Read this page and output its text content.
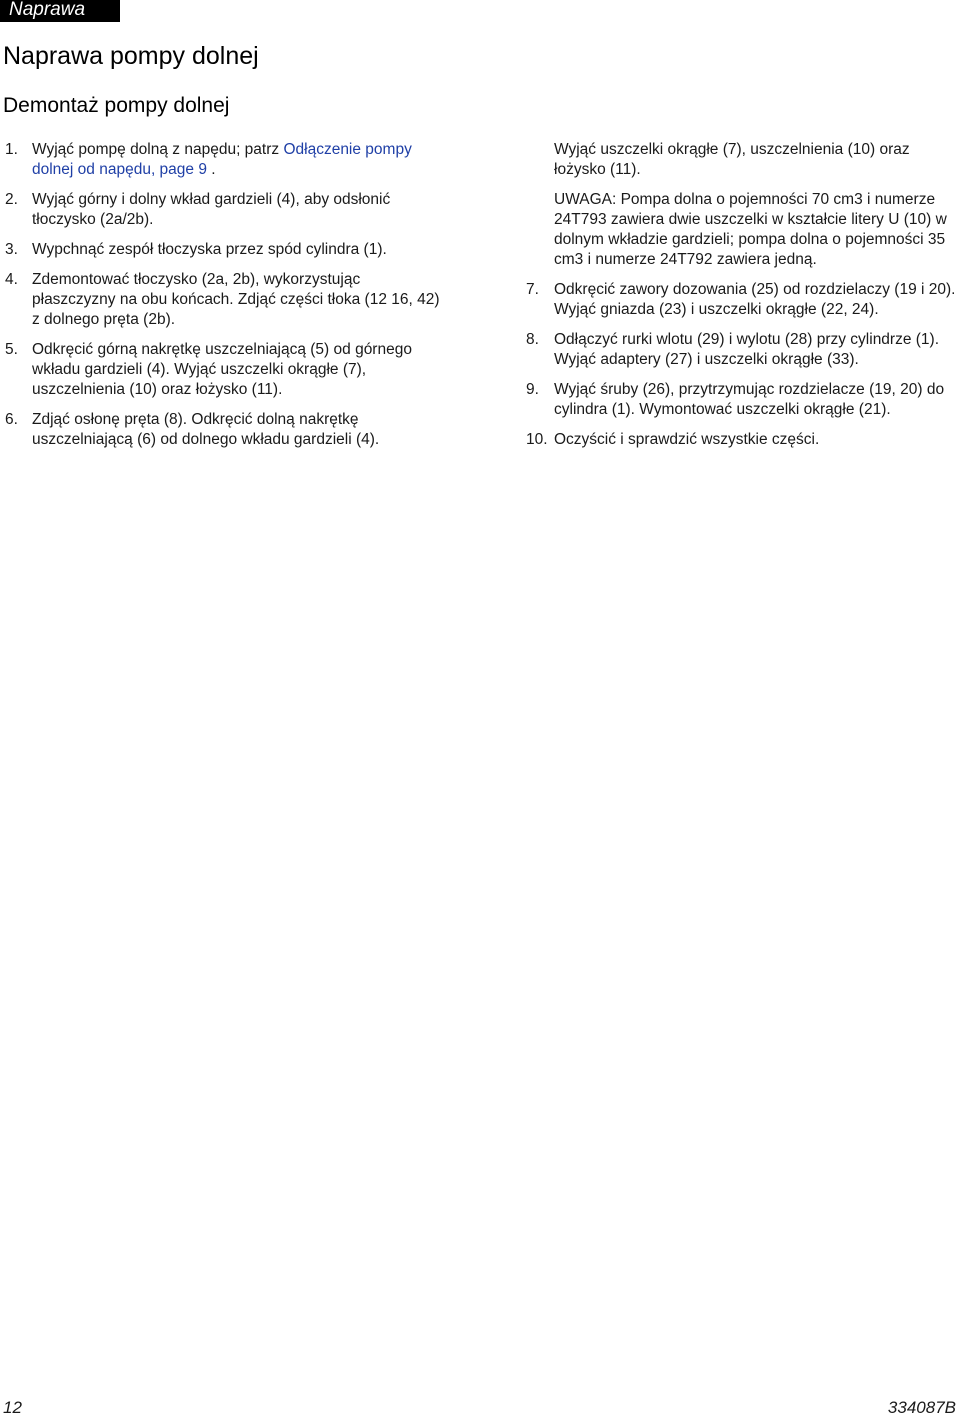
Naprawa
Naprawa pompy dolnej
Demontaż pompy dolnej
1. Wyjąć pompę dolną z napędu; patrz Odłączenie pompy dolnej od napędu, page 9 .
2. Wyjąć górny i dolny wkład gardzieli (4), aby odsłonić tłoczysko (2a/2b).
3. Wypchnąć zespół tłoczyska przez spód cylindra (1).
4. Zdemontować tłoczysko (2a, 2b), wykorzystując płaszczyzny na obu końcach. Zdjąć części tłoka (12 16, 42) z dolnego pręta (2b).
5. Odkręcić górną nakrętkę uszczelniającą (5) od górnego wkładu gardzieli (4). Wyjąć uszczelki okrągłe (7), uszczelnienia (10) oraz łożysko (11).
6. Zdjąć osłonę pręta (8). Odkręcić dolną nakrętkę uszczelniającą (6) od dolnego wkładu gardzieli (4).
Wyjąć uszczelki okrągłe (7), uszczelnienia (10) oraz łożysko (11).
UWAGA: Pompa dolna o pojemności 70 cm3 i numerze 24T793 zawiera dwie uszczelki w kształcie litery U (10) w dolnym wkładzie gardzieli; pompa dolna o pojemności 35 cm3 i numerze 24T792 zawiera jedną.
7. Odkręcić zawory dozowania (25) od rozdzielaczy (19 i 20). Wyjąć gniazda (23) i uszczelki okrągłe (22, 24).
8. Odłączyć rurki wlotu (29) i wylotu (28) przy cylindrze (1). Wyjąć adaptery (27) i uszczelki okrągłe (33).
9. Wyjąć śruby (26), przytrzymując rozdzielacze (19, 20) do cylindra (1). Wymontować uszczelki okrągłe (21).
10. Oczyścić i sprawdzić wszystkie części.
12	334087B
